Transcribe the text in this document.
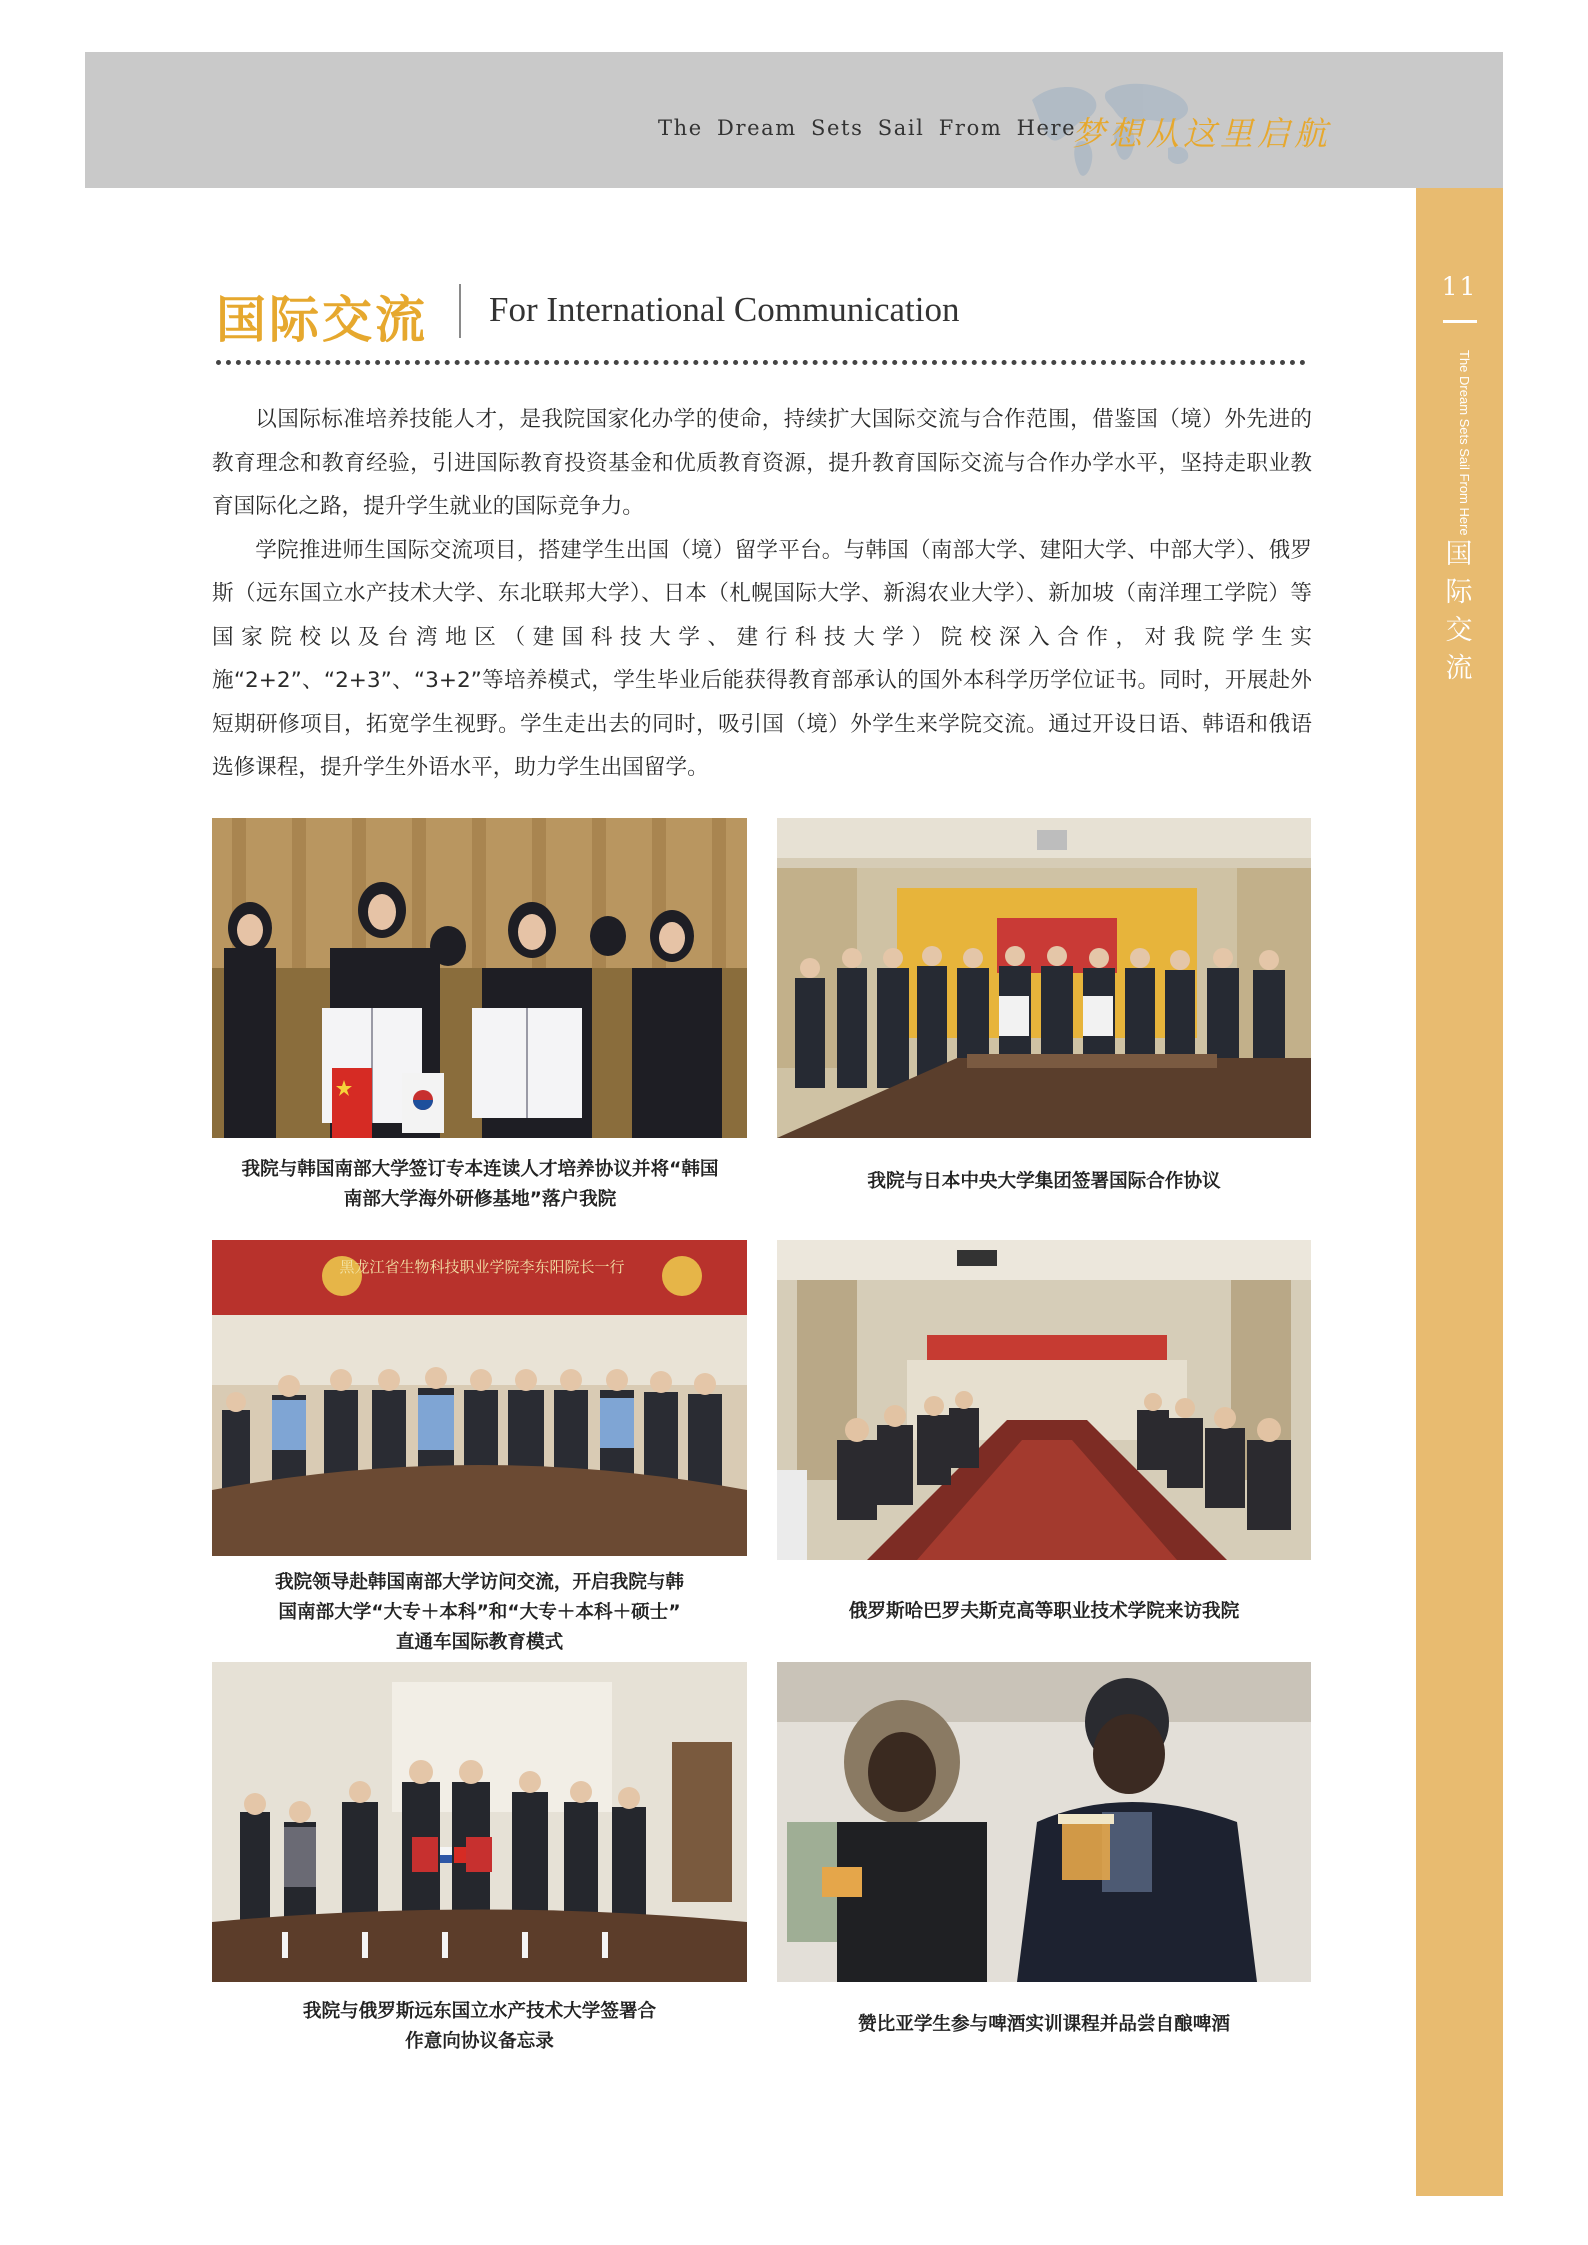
The Dream Sets Sail From Here
梦想从这里启航
11
The Dream Sets Sail From Here
国
际
交
流
国际交流 For International Communication

以国际标准培养技能人才，是我院国家化办学的使命，持续扩大国际交流与合作范围，借鉴国（境）外先进的教育理念和教育经验，引进国际教育投资基金和优质教育资源，提升教育国际交流与合作办学水平，坚持走职业教育国际化之路，提升学生就业的国际竞争力。

学院推进师生国际交流项目，搭建学生出国（境）留学平台。与韩国（南部大学、建阳大学、中部大学）、俄罗斯（远东国立水产技术大学、东北联邦大学）、日本（札幌国际大学、新潟农业大学）、新加坡（南洋理工学院）等国家院校以及台湾地区（建国科技大学、建行科技大学）院校深入合作，对我院学生实施“2+2”、“2+3”、“3+2”等培养模式，学生毕业后能获得教育部承认的国外本科学历学位证书。同时，开展赴外短期研修项目，拓宽学生视野。学生走出去的同时，吸引国（境）外学生来学院交流。通过开设日语、韩语和俄语选修课程，提升学生外语水平，助力学生出国留学。

我院与韩国南部大学签订专本连读人才培养协议并将“韩国
南部大学海外研修基地”落户我院
我院与日本中央大学集团签署国际合作协议
黑龙江省生物科技职业学院李东阳院长一行
我院领导赴韩国南部大学访问交流，开启我院与韩
国南部大学“大专＋本科”和“大专＋本科＋硕士”
直通车国际教育模式
俄罗斯哈巴罗夫斯克高等职业技术学院来访我院
我院与俄罗斯远东国立水产技术大学签署合
作意向协议备忘录
赞比亚学生参与啤酒实训课程并品尝自酿啤酒
